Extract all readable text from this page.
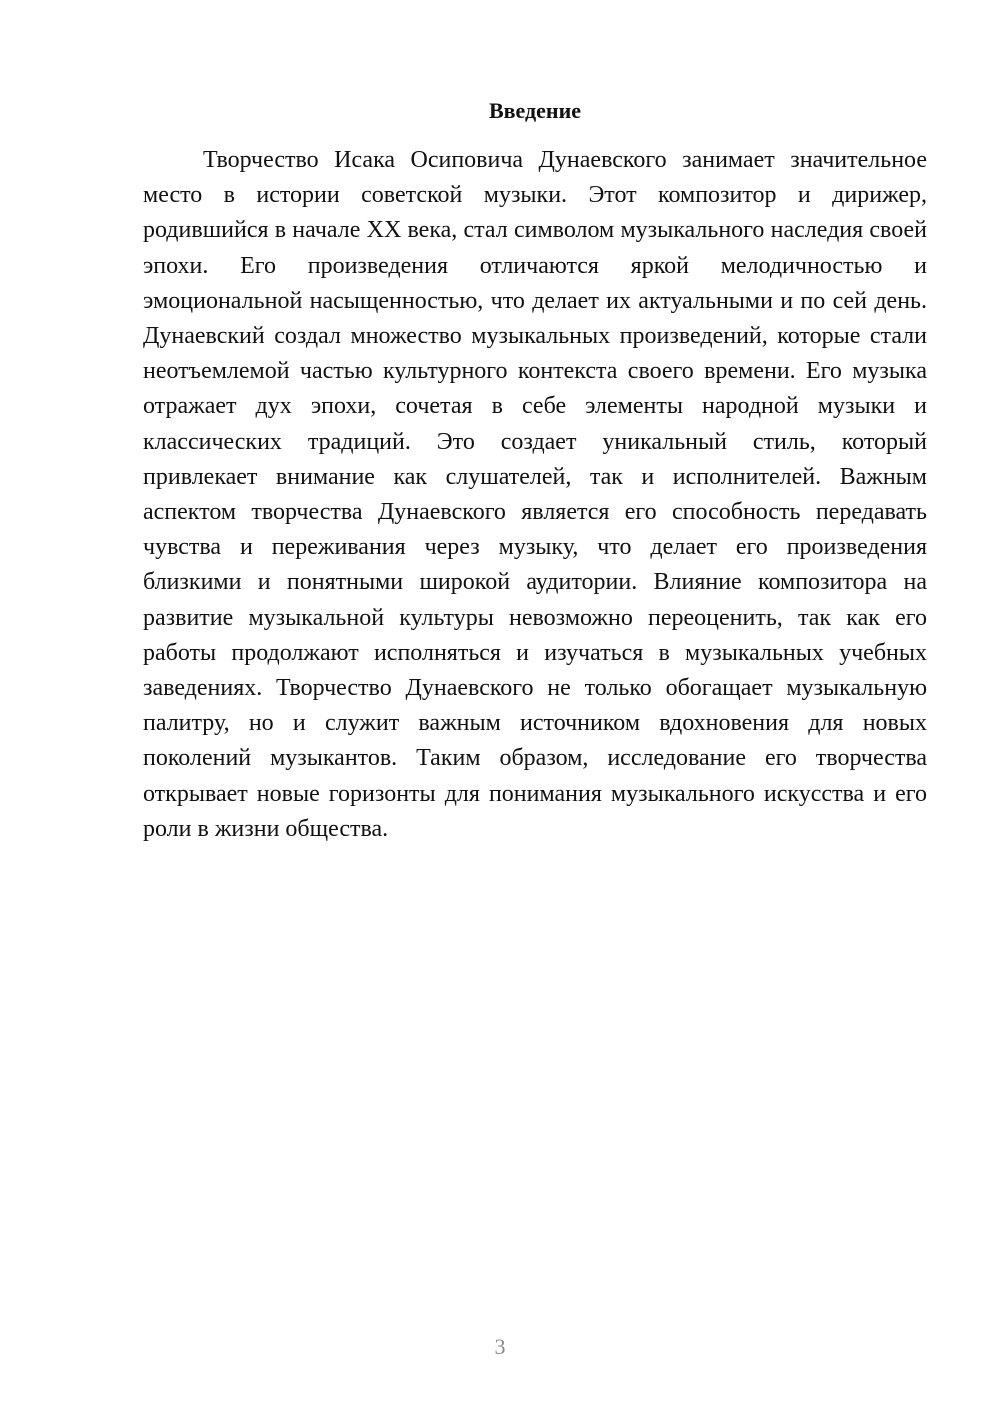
Введение

Творчество Исака Осиповича Дунаевского занимает значительное место в истории советской музыки. Этот композитор и дирижер, родившийся в начале XX века, стал символом музыкального наследия своей эпохи. Его произведения отличаются яркой мелодичностью и эмоциональной насыщенностью, что делает их актуальными и по сей день. Дунаевский создал множество музыкальных произведений, которые стали неотъемлемой частью культурного контекста своего времени. Его музыка отражает дух эпохи, сочетая в себе элементы народной музыки и классических традиций. Это создает уникальный стиль, который привлекает внимание как слушателей, так и исполнителей. Важным аспектом творчества Дунаевского является его способность передавать чувства и переживания через музыку, что делает его произведения близкими и понятными широкой аудитории. Влияние композитора на развитие музыкальной культуры невозможно переоценить, так как его работы продолжают исполняться и изучаться в музыкальных учебных заведениях. Творчество Дунаевского не только обогащает музыкальную палитру, но и служит важным источником вдохновения для новых поколений музыкантов. Таким образом, исследование его творчества открывает новые горизонты для понимания музыкального искусства и его роли в жизни общества.

3
